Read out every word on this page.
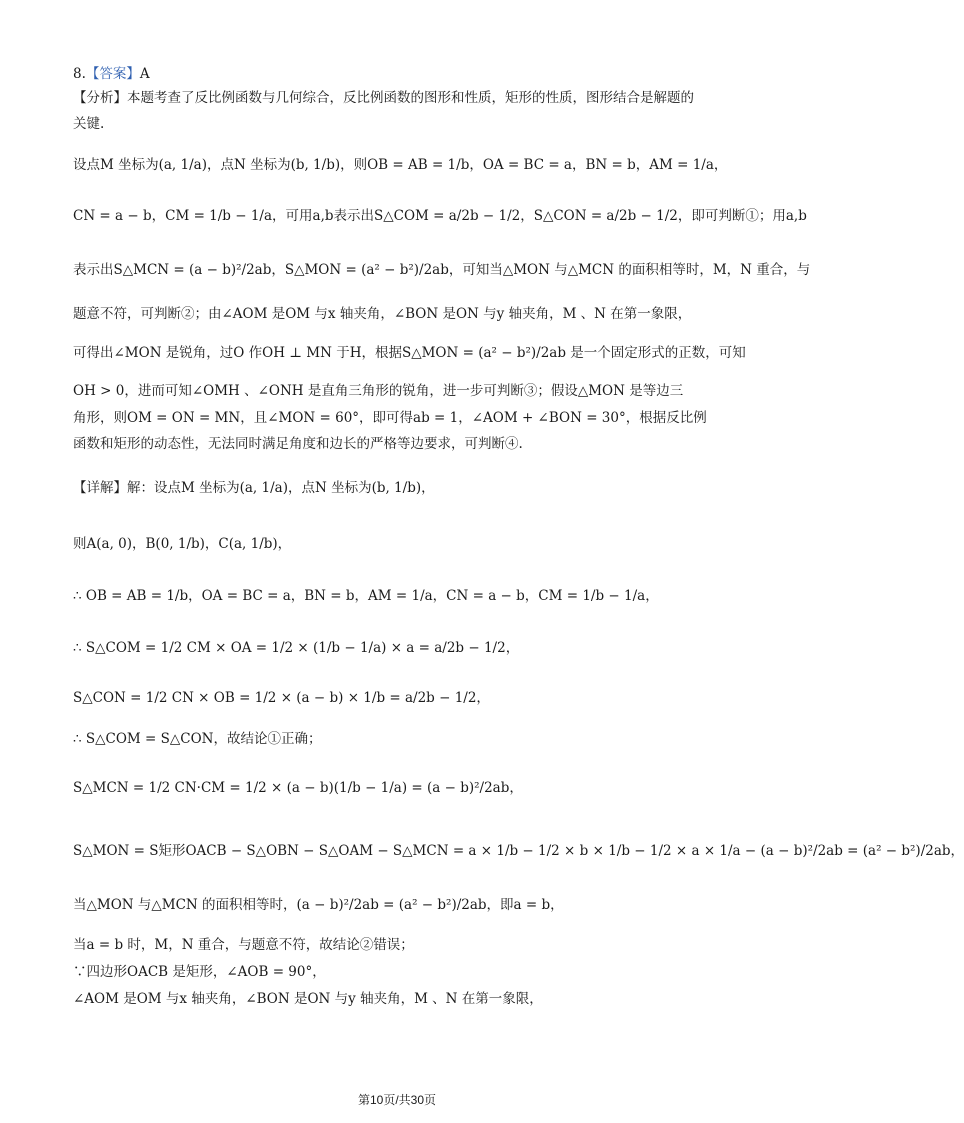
8.【答案】A
【分析】本题考查了反比例函数与几何综合，反比例函数的图形和性质，矩形的性质，图形结合是解题的
关键.
设点M 坐标为(a, 1/a)，点N 坐标为(b, 1/b)，则OB = AB = 1/b，OA = BC = a，BN = b，AM = 1/a，
CN = a − b，CM = 1/b − 1/a，可用a,b表示出S△COM = a/2b − 1/2，S△CON = a/2b − 1/2，即可判断①；用a,b
表示出S△MCN = (a − b)²/2ab，S△MON = (a² − b²)/2ab，可知当△MON 与△MCN 的面积相等时，M，N 重合，与
题意不符，可判断②；由∠AOM 是OM 与x 轴夹角，∠BON 是ON 与y 轴夹角，M 、N 在第一象限，
可得出∠MON 是锐角，过O 作OH ⊥ MN 于H，根据S△MON = (a² − b²)/2ab 是一个固定形式的正数，可知
OH > 0，进而可知∠OMH 、∠ONH 是直角三角形的锐角，进一步可判断③；假设△MON 是等边三
角形，则OM = ON = MN，且∠MON = 60°，即可得ab = 1，∠AOM + ∠BON = 30°，根据反比例
函数和矩形的动态性，无法同时满足角度和边长的严格等边要求，可判断④.
【详解】解：设点M 坐标为(a, 1/a)，点N 坐标为(b, 1/b)，
则A(a, 0)，B(0, 1/b)，C(a, 1/b)，
∴ OB = AB = 1/b，OA = BC = a，BN = b，AM = 1/a，CN = a − b，CM = 1/b − 1/a，
∴ S△COM = 1/2 CM × OA = 1/2 × (1/b − 1/a) × a = a/2b − 1/2，
S△CON = 1/2 CN × OB = 1/2 × (a − b) × 1/b = a/2b − 1/2，
∴ S△COM = S△CON，故结论①正确；
S△MCN = 1/2 CN·CM = 1/2 × (a − b)(1/b − 1/a) = (a − b)²/2ab，
S△MON = S矩形OACB − S△OBN − S△OAM − S△MCN = a × 1/b − 1/2 × b × 1/b − 1/2 × a × 1/a − (a − b)²/2ab = (a² − b²)/2ab，
当△MON 与△MCN 的面积相等时，(a − b)²/2ab = (a² − b²)/2ab，即a = b，
当a = b 时，M，N 重合，与题意不符，故结论②错误；
∵四边形OACB 是矩形，∠AOB = 90°，
∠AOM 是OM 与x 轴夹角，∠BON 是ON 与y 轴夹角，M 、N 在第一象限，
第10页/共30页
